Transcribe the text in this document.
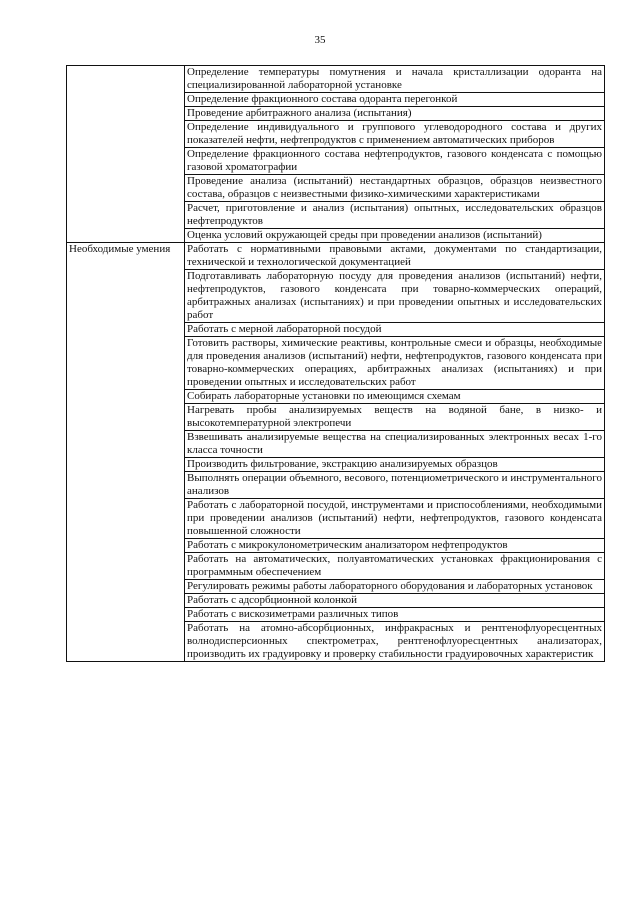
35
	Определение температуры помутнения и начала кристаллизации одоранта на специализированной лабораторной установке
	Определение фракционного состава одоранта перегонкой
	Проведение арбитражного анализа (испытания)
	Определение индивидуального и группового углеводородного состава и других показателей нефти, нефтепродуктов с применением автоматических приборов
	Определение фракционного состава нефтепродуктов, газового конденсата с помощью газовой хроматографии
	Проведение анализа (испытаний) нестандартных образцов, образцов неизвестного состава, образцов с неизвестными физико-химическими характеристиками
	Расчет, приготовление и анализ (испытания) опытных, исследовательских образцов нефтепродуктов
	Оценка условий окружающей среды при проведении анализов (испытаний)
Необходимые умения	Работать с нормативными правовыми актами, документами по стандартизации, технической и технологической документацией
	Подготавливать лабораторную посуду для проведения анализов (испытаний) нефти, нефтепродуктов, газового конденсата при товарно-коммерческих операций, арбитражных анализах (испытаниях) и при проведении опытных и исследовательских работ
	Работать с мерной лабораторной посудой
	Готовить растворы, химические реактивы, контрольные смеси и образцы, необходимые для проведения анализов (испытаний) нефти, нефтепродуктов, газового конденсата при товарно-коммерческих операциях, арбитражных анализах (испытаниях) и при проведении опытных и исследовательских работ
	Собирать лабораторные установки по имеющимся схемам
	Нагревать пробы анализируемых веществ на водяной бане, в низко- и высокотемпературной электропечи
	Взвешивать анализируемые вещества на специализированных электронных весах 1-го класса точности
	Производить фильтрование, экстракцию анализируемых образцов
	Выполнять операции объемного, весового, потенциометрического и инструментального анализов
	Работать с лабораторной посудой, инструментами и приспособлениями, необходимыми при проведении анализов (испытаний) нефти, нефтепродуктов, газового конденсата повышенной сложности
	Работать с микрокулонометрическим анализатором нефтепродуктов
	Работать на автоматических, полуавтоматических установках фракционирования с программным обеспечением
	Регулировать режимы работы лабораторного оборудования и лабораторных установок
	Работать с адсорбционной колонкой
	Работать с вискозиметрами различных типов
	Работать на атомно-абсорбционных, инфракрасных и рентгенофлуоресцентных волнодисперсионных спектрометрах, рентгенофлуоресцентных анализаторах, производить их градуировку и проверку стабильности градуировочных характеристик
